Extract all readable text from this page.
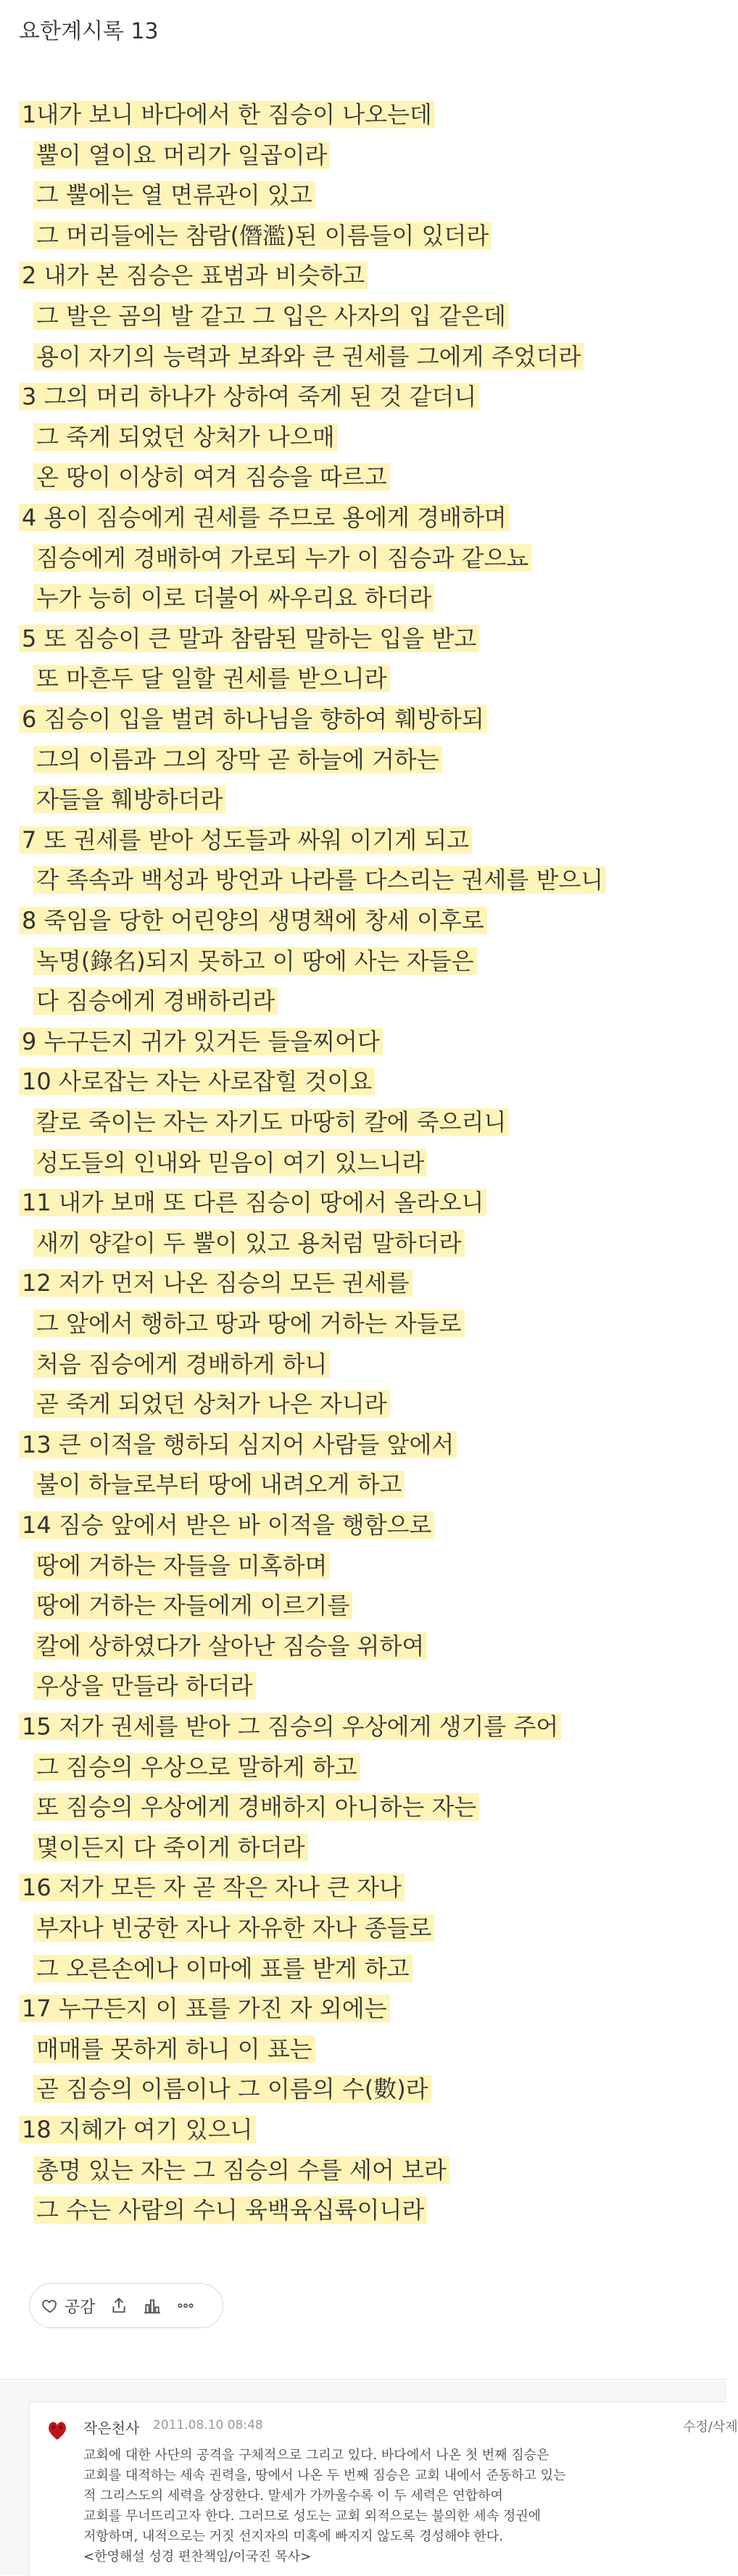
요한계시록 13
1내가 보니 바다에서 한 짐승이 나오는데
뿔이 열이요 머리가 일곱이라
그 뿔에는 열 면류관이 있고
그 머리들에는 참람(僭濫)된 이름들이 있더라
2 내가 본 짐승은 표범과 비슷하고
그 발은 곰의 발 같고 그 입은 사자의 입 같은데
용이 자기의 능력과 보좌와 큰 권세를 그에게 주었더라
3 그의 머리 하나가 상하여 죽게 된 것 같더니
그 죽게 되었던 상처가 나으매
온 땅이 이상히 여겨 짐승을 따르고
4 용이 짐승에게 권세를 주므로 용에게 경배하며
짐승에게 경배하여 가로되 누가 이 짐승과 같으뇨
누가 능히 이로 더불어 싸우리요 하더라
5 또 짐승이 큰 말과 참람된 말하는 입을 받고
또 마흔두 달 일할 권세를 받으니라
6 짐승이 입을 벌려 하나님을 향하여 훼방하되
그의 이름과 그의 장막 곧 하늘에 거하는
자들을 훼방하더라
7 또 권세를 받아 성도들과 싸워 이기게 되고
각 족속과 백성과 방언과 나라를 다스리는 권세를 받으니
8 죽임을 당한 어린양의 생명책에 창세 이후로
녹명(錄名)되지 못하고 이 땅에 사는 자들은
다 짐승에게 경배하리라
9 누구든지 귀가 있거든 들을찌어다
10 사로잡는 자는 사로잡힐 것이요
칼로 죽이는 자는 자기도 마땅히 칼에 죽으리니
성도들의 인내와 믿음이 여기 있느니라
11 내가 보매 또 다른 짐승이 땅에서 올라오니
새끼 양같이 두 뿔이 있고 용처럼 말하더라
12 저가 먼저 나온 짐승의 모든 권세를
그 앞에서 행하고 땅과 땅에 거하는 자들로
처음 짐승에게 경배하게 하니
곧 죽게 되었던 상처가 나은 자니라
13 큰 이적을 행하되 심지어 사람들 앞에서
불이 하늘로부터 땅에 내려오게 하고
14 짐승 앞에서 받은 바 이적을 행함으로
땅에 거하는 자들을 미혹하며
땅에 거하는 자들에게 이르기를
칼에 상하였다가 살아난 짐승을 위하여
우상을 만들라 하더라
15 저가 권세를 받아 그 짐승의 우상에게 생기를 주어
그 짐승의 우상으로 말하게 하고
또 짐승의 우상에게 경배하지 아니하는 자는
몇이든지 다 죽이게 하더라
16 저가 모든 자 곧 작은 자나 큰 자나
부자나 빈궁한 자나 자유한 자나 종들로
그 오른손에나 이마에 표를 받게 하고
17 누구든지 이 표를 가진 자 외에는
매매를 못하게 하니 이 표는
곧 짐승의 이름이나 그 이름의 수(數)라
18 지혜가 여기 있으니
총명 있는 자는 그 짐승의 수를 세어 보라
그 수는 사람의 수니 육백육십륙이니라
공감
작은천사 2011.08.10 08:48	수정/삭제

교회에 대한 사단의 공격을 구체적으로 그리고 있다. 바다에서 나온 첫 번째 짐승은

교회를 대적하는 세속 권력을, 땅에서 나온 두 번째 짐승은 교회 내에서 준동하고 있는

적 그리스도의 세력을 상징한다. 말세가 가까울수록 이 두 세력은 연합하여

교회를 무너뜨리고자 한다. 그러므로 성도는 교회 외적으로는 불의한 세속 정권에

저항하며, 내적으로는 거짓 선지자의 미혹에 빠지지 않도록 경성해야 한다.

<한영해설 성경 편찬책임/이국진 목사>
